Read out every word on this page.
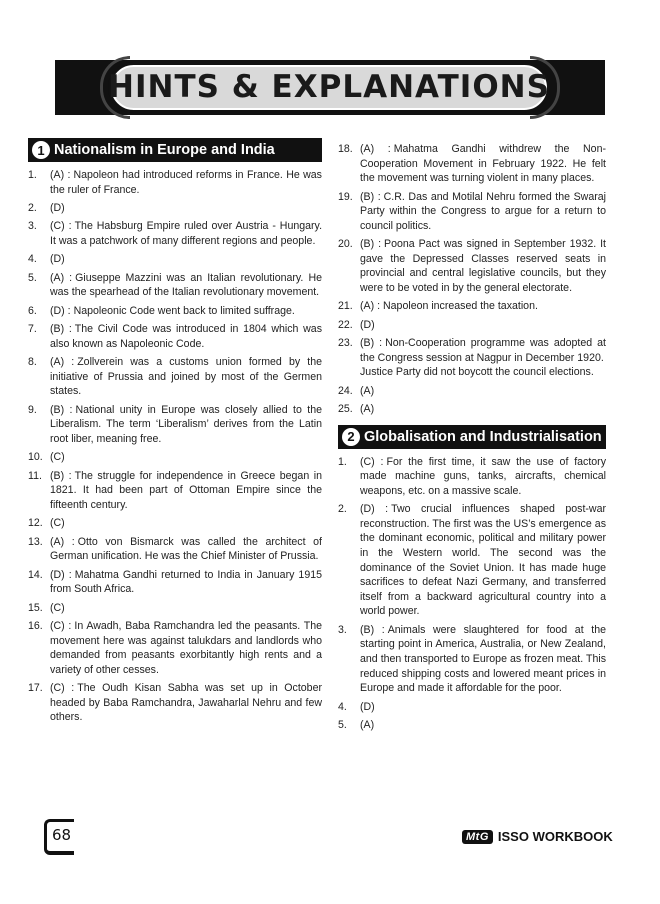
HINTS & EXPLANATIONS
1 Nationalism in Europe and India
1.	(A) : Napoleon had introduced reforms in France. He was the ruler of France.
2.	(D)
3.	(C) : The Habsburg Empire ruled over Austria - Hungary. It was a patchwork of many different regions and people.
4.	(D)
5.	(A) : Giuseppe Mazzini was an Italian revolutionary. He was the spearhead of the Italian revolutionary movement.
6.	(D) : Napoleonic Code went back to limited suffrage.
7.	(B) : The Civil Code was introduced in 1804 which was also known as Napoleonic Code.
8.	(A) : Zollverein was a customs union formed by the initiative of Prussia and joined by most of the Germen states.
9.	(B) : National unity in Europe was closely allied to the Liberalism. The term ‘Liberalism’ derives from the Latin root liber, meaning free.
10. (C)
11. (B) : The struggle for independence in Greece began in 1821. It had been part of Ottoman Empire since the fifteenth century.
12. (C)
13. (A) : Otto von Bismarck was called the architect of German unification. He was the Chief Minister of Prussia.
14. (D) : Mahatma Gandhi returned to India in January 1915 from South Africa.
15. (C)
16. (C) : In Awadh, Baba Ramchandra led the peasants. The movement here was against talukdars and landlords who demanded from peasants exorbitantly high rents and a variety of other cesses.
17. (C) : The Oudh Kisan Sabha was set up in October headed by Baba Ramchandra, Jawaharlal Nehru and few others.
18. (A) : Mahatma Gandhi withdrew the Non-Cooperation Movement in February 1922. He felt the movement was turning violent in many places.
19. (B) : C.R. Das and Motilal Nehru formed the Swaraj Party within the Congress to argue for a return to council politics.
20. (B) : Poona Pact was signed in September 1932. It gave the Depressed Classes reserved seats in provincial and central legislative councils, but they were to be voted in by the general electorate.
21. (A) : Napoleon increased the taxation.
22. (D)
23. (B) : Non-Cooperation programme was adopted at the Congress session at Nagpur in December 1920.
Justice Party did not boycott the council elections.
24. (A)
25. (A)
2 Globalisation and Industrialisation
1.	(C) : For the first time, it saw the use of factory made machine guns, tanks, aircrafts, chemical weapons, etc. on a massive scale.
2.	(D) : Two crucial influences shaped post-war reconstruction. The first was the US’s emergence as the dominant economic, political and military power in the Western world. The second was the dominance of the Soviet Union. It has made huge sacrifices to defeat Nazi Germany, and transferred itself from a backward agricultural country into a world power.
3.	(B) : Animals were slaughtered for food at the starting point in America, Australia, or New Zealand, and then transported to Europe as frozen meat. This reduced shipping costs and lowered meant prices in Europe and made it affordable for the poor.
4.	(D)
5.	(A)
68	MtG ISSO WORKBOOK
